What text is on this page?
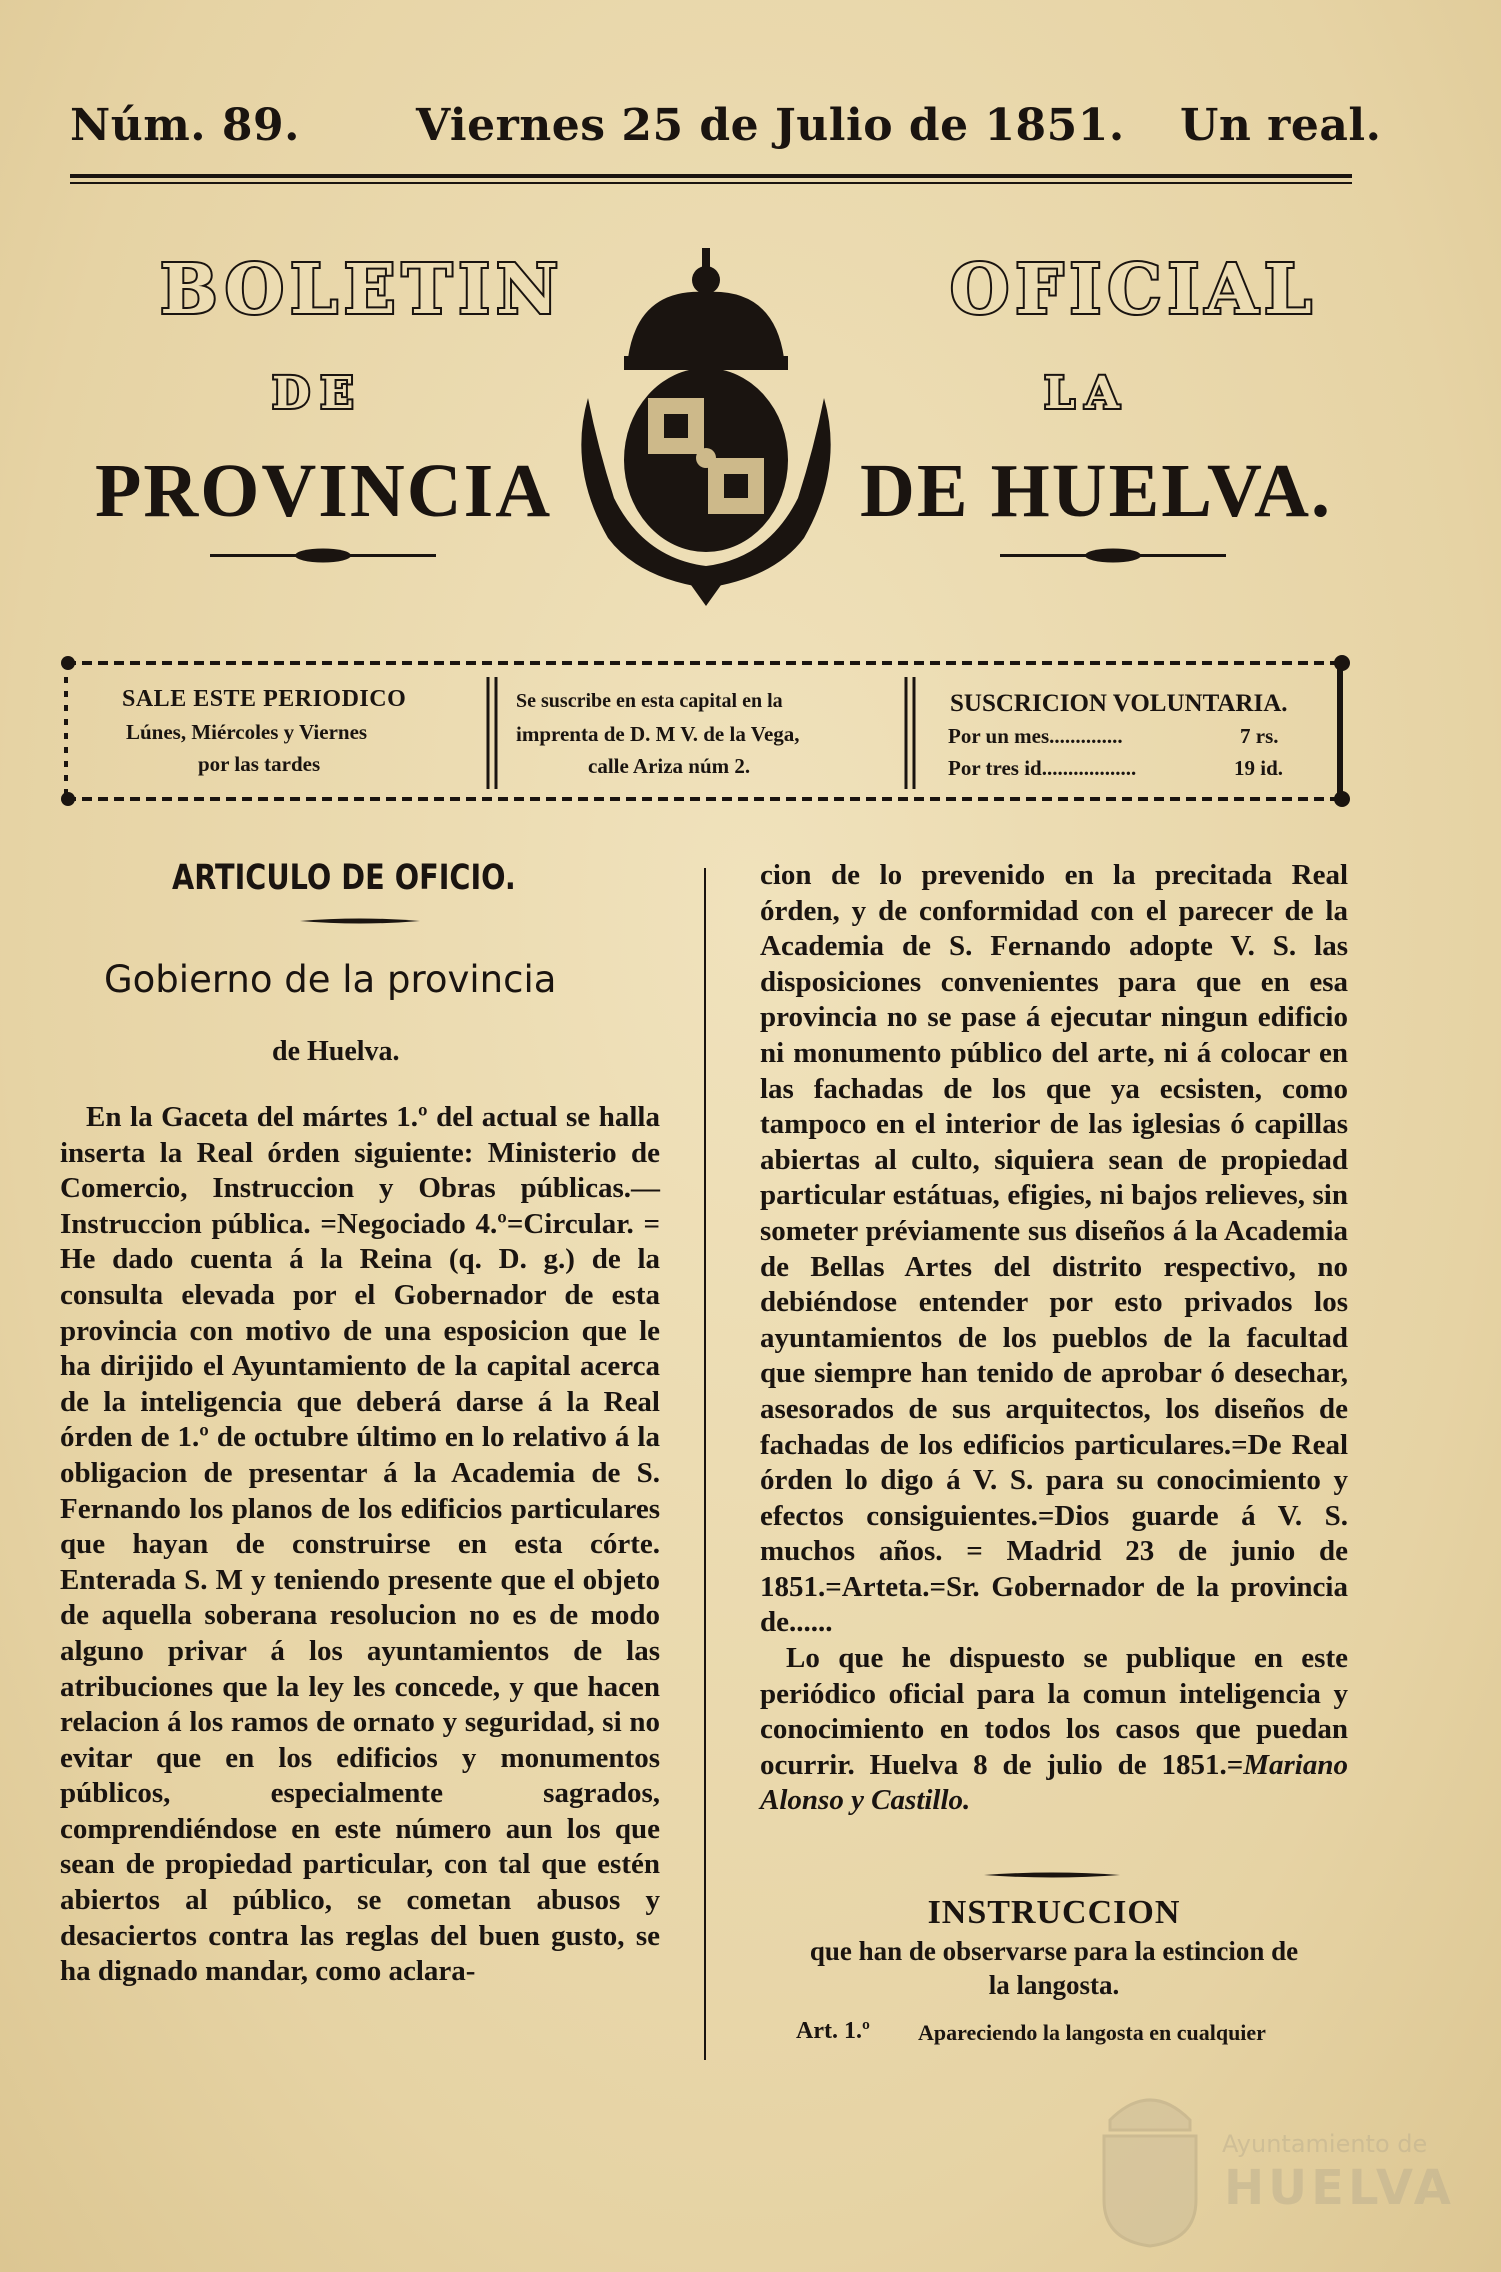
Núm. 89.	Viernes 25 de Julio de 1851. Un real.
BOLETIN	OFICIAL
DE	LA
PROVINCIA	DE HUELVA.
SALE ESTE PERIODICO
Lúnes, Miércoles y Viernes
por las tardes
Se suscribe en esta capital en la
imprenta de D. M V. de la Vega,
calle Ariza núm 2.
SUSCRICION VOLUNTARIA.
Por un mes..............	7 rs.
Por tres id..................	19 id.
ARTICULO DE OFICIO.
Gobierno de la provincia
de Huelva.

En la Gaceta del mártes 1.º del actual se halla inserta la Real órden siguiente: Ministerio de Comercio, Instruccion y Obras públicas.—Instruccion pública. =Negociado 4.º=Circular. = He dado cuenta á la Reina (q. D. g.) de la consulta elevada por el Gobernador de esta provincia con motivo de una esposicion que le ha dirijido el Ayuntamiento de la capital acerca de la inteligencia que deberá darse á la Real órden de 1.º de octubre último en lo relativo á la obligacion de presentar á la Academia de S. Fernando los planos de los edificios particulares que hayan de construirse en esta córte. Enterada S. M y teniendo presente que el objeto de aquella soberana resolucion no es de modo alguno privar á los ayuntamientos de las atribuciones que la ley les concede, y que hacen relacion á los ramos de ornato y seguridad, si no evitar que en los edificios y monumentos públicos, especialmente sagrados, comprendiéndose en este número aun los que sean de propiedad particular, con tal que estén abiertos al público, se cometan abusos y desaciertos contra las reglas del buen gusto, se ha dignado mandar, como aclara-

cion de lo prevenido en la precitada Real órden, y de conformidad con el parecer de la Academia de S. Fernando adopte V. S. las disposiciones convenientes para que en esa provincia no se pase á ejecutar ningun edificio ni monumento público del arte, ni á colocar en las fachadas de los que ya ecsisten, como tampoco en el interior de las iglesias ó capillas abiertas al culto, siquiera sean de propiedad particular estátuas, efigies, ni bajos relieves, sin someter préviamente sus diseños á la Academia de Bellas Artes del distrito respectivo, no debiéndose entender por esto privados los ayuntamientos de los pueblos de la facultad que siempre han tenido de aprobar ó desechar, asesorados de sus arquitectos, los diseños de fachadas de los edificios particulares.=De Real órden lo digo á V. S. para su conocimiento y efectos consiguientes.=Dios guarde á V. S. muchos años. = Madrid 23 de junio de 1851.=Arteta.=Sr. Gobernador de la provincia de......

Lo que he dispuesto se publique en este periódico oficial para la comun inteligencia y conocimiento en todos los casos que puedan ocurrir. Huelva 8 de julio de 1851.=Mariano Alonso y Castillo.

INSTRUCCION
que han de observarse para la estincion de
la langosta.
Art. 1.º Apareciendo la langosta en cualquier
Ayuntamiento de
HUELVA
